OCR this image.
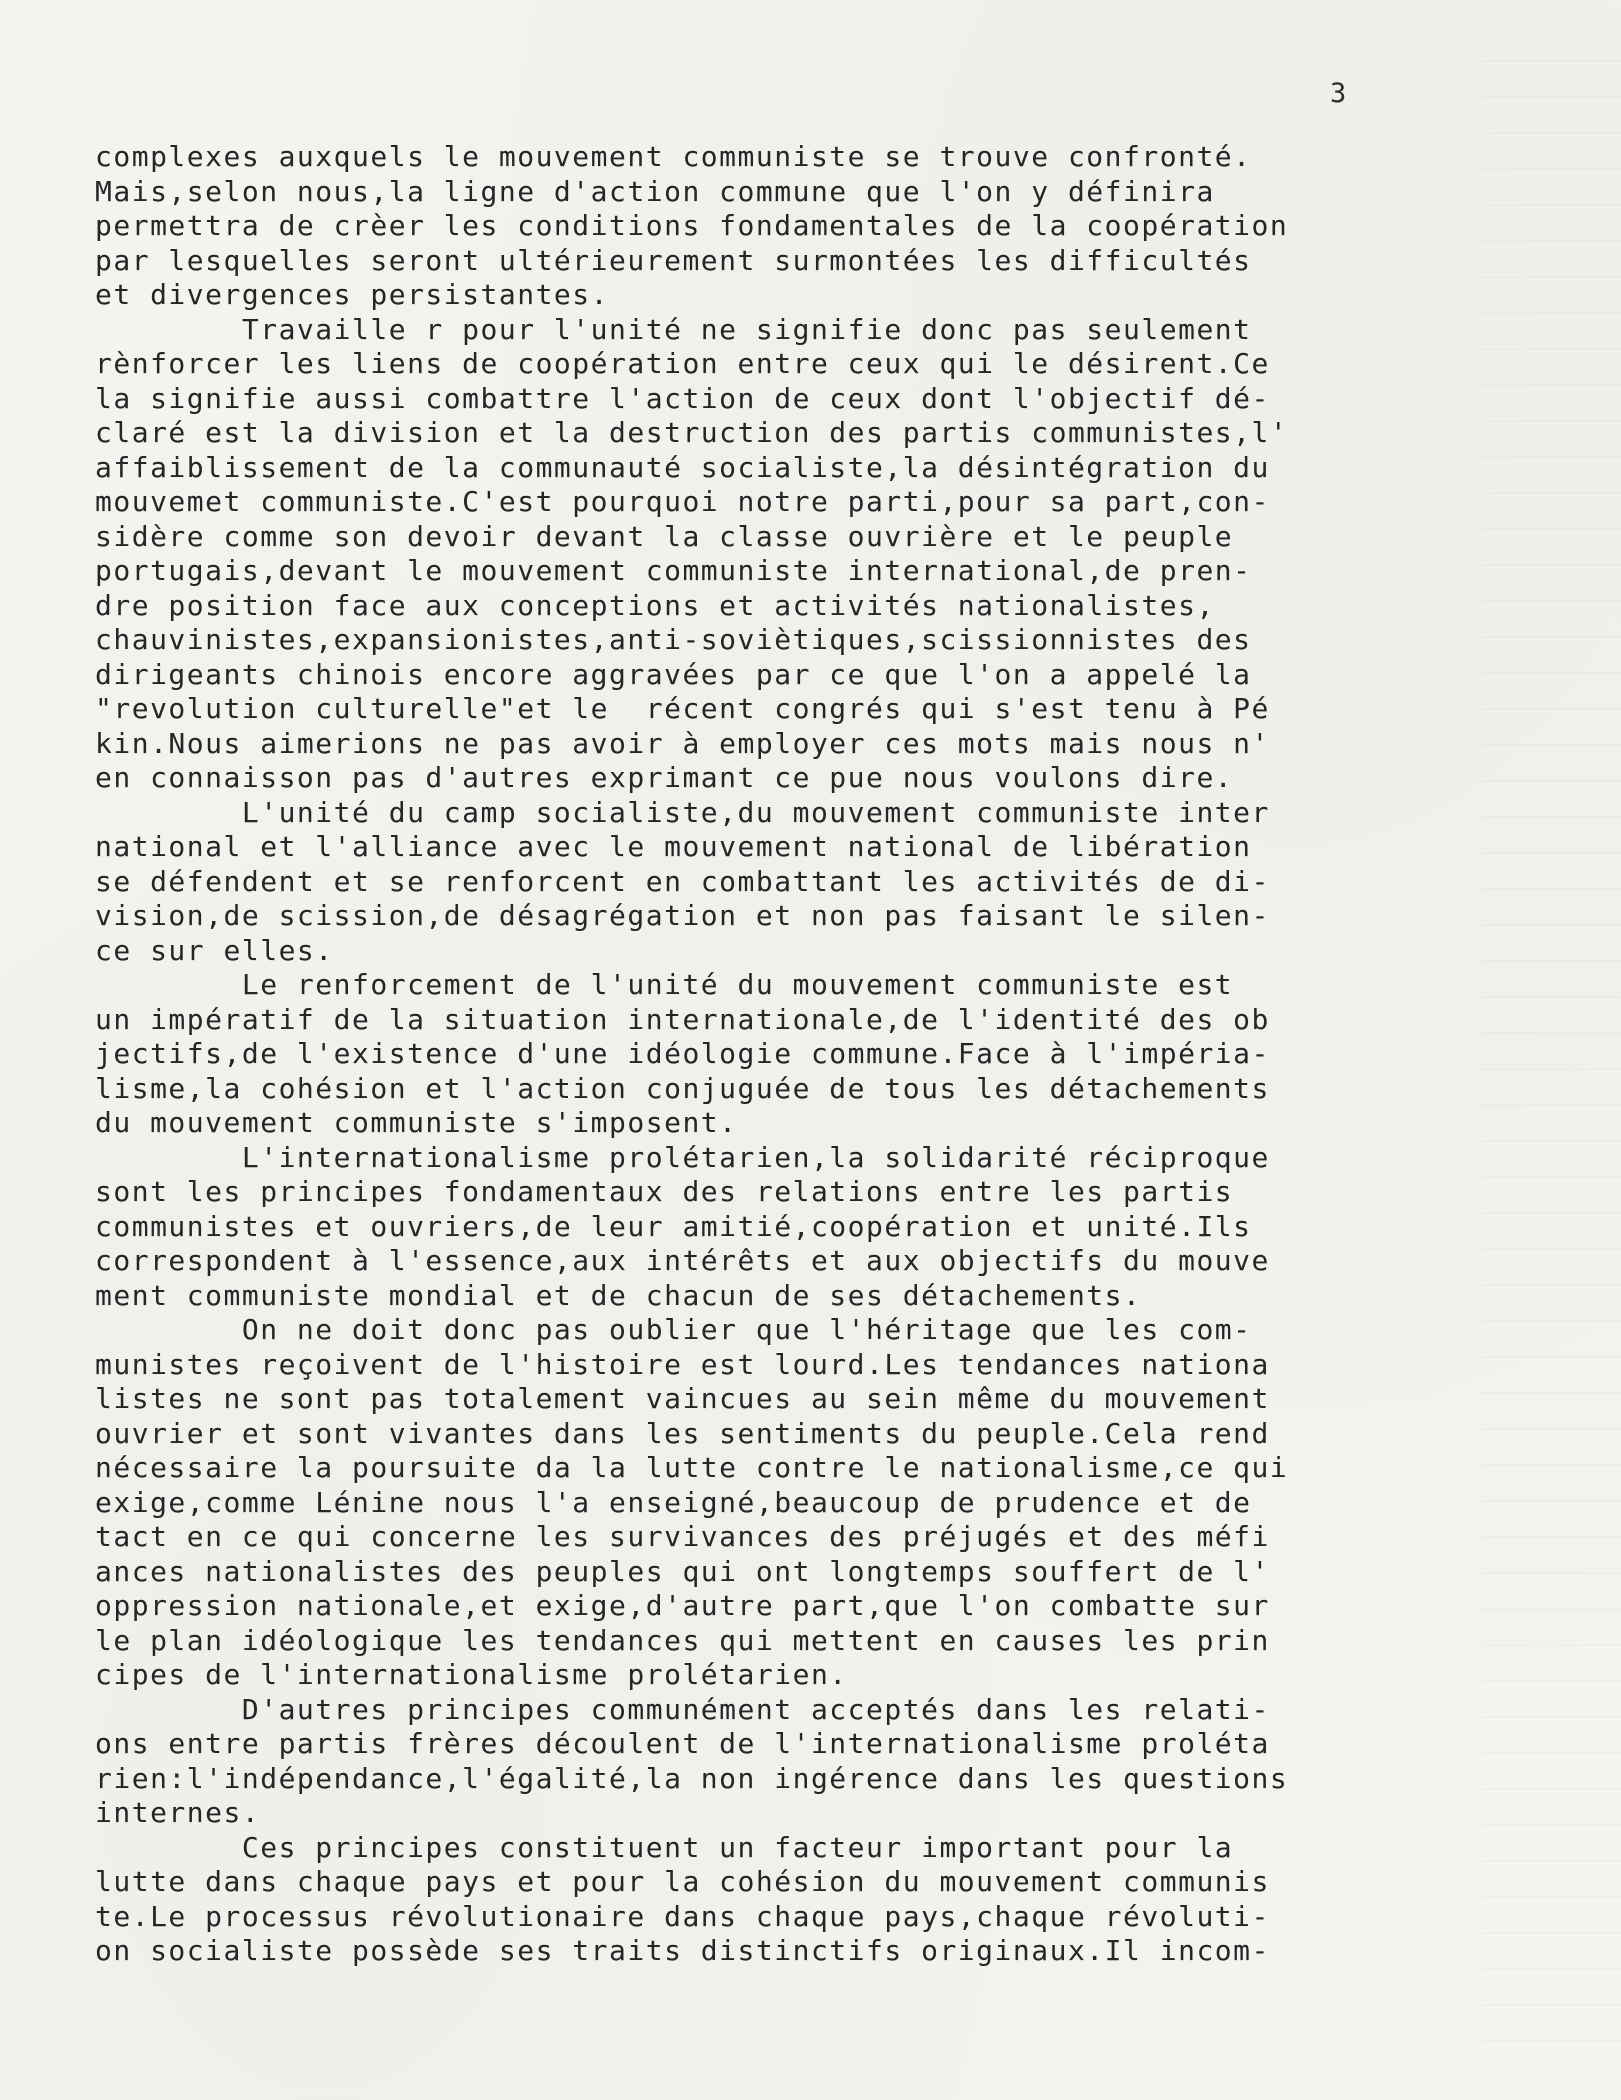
3
complexes auxquels le mouvement communiste se trouve confronté.
Mais,selon nous,la ligne d'action commune que l'on y définira
permettra de crèer les conditions fondamentales de la coopération
par lesquelles seront ultérieurement surmontées les difficultés
et divergences persistantes.
Travaille r pour l'unité ne signifie donc pas seulement
rènforcer les liens de coopération entre ceux qui le désirent.Ce
la signifie aussi combattre l'action de ceux dont l'objectif dé-
claré est la division et la destruction des partis communistes,l'
affaiblissement de la communauté socialiste,la désintégration du
mouvemet communiste.C'est pourquoi notre parti,pour sa part,con-
sidère comme son devoir devant la classe ouvrière et le peuple
portugais,devant le mouvement communiste international,de pren-
dre position face aux conceptions et activités nationalistes,
chauvinistes,expansionistes,anti-soviètiques,scissionnistes des
dirigeants chinois encore aggravées par ce que l'on a appelé la
"revolution culturelle"et le  récent congrés qui s'est tenu à Pé
kin.Nous aimerions ne pas avoir à employer ces mots mais nous n'
en connaisson pas d'autres exprimant ce pue nous voulons dire.
L'unité du camp socialiste,du mouvement communiste inter
national et l'alliance avec le mouvement national de libération
se défendent et se renforcent en combattant les activités de di-
vision,de scission,de désagrégation et non pas faisant le silen-
ce sur elles.
Le renforcement de l'unité du mouvement communiste est
un impératif de la situation internationale,de l'identité des ob
jectifs,de l'existence d'une idéologie commune.Face à l'impéria-
lisme,la cohésion et l'action conjuguée de tous les détachements
du mouvement communiste s'imposent.
L'internationalisme prolétarien,la solidarité réciproque
sont les principes fondamentaux des relations entre les partis
communistes et ouvriers,de leur amitié,coopération et unité.Ils
correspondent à l'essence,aux intérêts et aux objectifs du mouve
ment communiste mondial et de chacun de ses détachements.
On ne doit donc pas oublier que l'héritage que les com-
munistes reçoivent de l'histoire est lourd.Les tendances nationa
listes ne sont pas totalement vaincues au sein même du mouvement
ouvrier et sont vivantes dans les sentiments du peuple.Cela rend
nécessaire la poursuite da la lutte contre le nationalisme,ce qui
exige,comme Lénine nous l'a enseigné,beaucoup de prudence et de
tact en ce qui concerne les survivances des préjugés et des méfi
ances nationalistes des peuples qui ont longtemps souffert de l'
oppression nationale,et exige,d'autre part,que l'on combatte sur
le plan idéologique les tendances qui mettent en causes les prin
cipes de l'internationalisme prolétarien.
D'autres principes communément acceptés dans les relati-
ons entre partis frères découlent de l'internationalisme proléta
rien:l'indépendance,l'égalité,la non ingérence dans les questions
internes.
Ces principes constituent un facteur important pour la
lutte dans chaque pays et pour la cohésion du mouvement communis
te.Le processus révolutionaire dans chaque pays,chaque révoluti-
on socialiste possède ses traits distinctifs originaux.Il incom-
